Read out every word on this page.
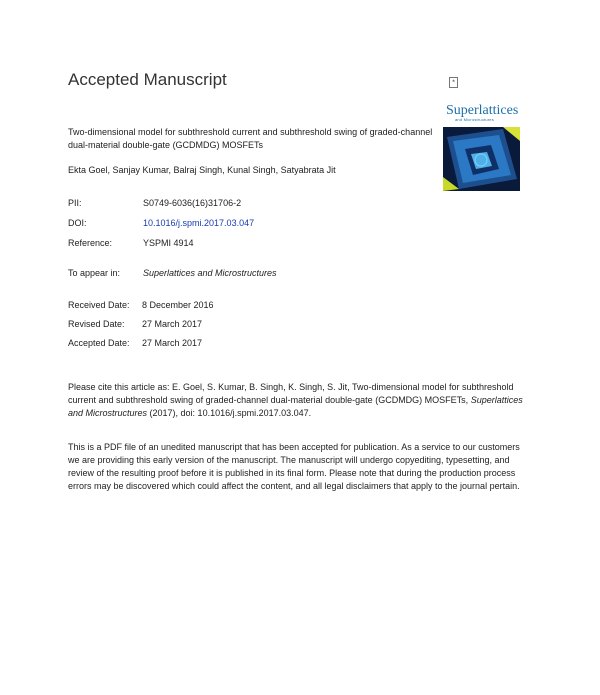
Accepted Manuscript	♣
Superlattices
and Microstructures
Two-dimensional model for subthreshold current and subthreshold swing of graded-channel dual-material double-gate (GCDMDG) MOSFETs
Ekta Goel, Sanjay Kumar, Balraj Singh, Kunal Singh, Satyabrata Jit
PII:	S0749-6036(16)31706-2
DOI:	10.1016/j.spmi.2017.03.047
Reference:	YSPMI 4914
To appear in:	Superlattices and Microstructures
Received Date: 8 December 2016
Revised Date: 27 March 2017
Accepted Date: 27 March 2017
Please cite this article as: E. Goel, S. Kumar, B. Singh, K. Singh, S. Jit, Two-dimensional model for subthreshold current and subthreshold swing of graded-channel dual-material double-gate (GCDMDG) MOSFETs, Superlattices and Microstructures (2017), doi: 10.1016/j.spmi.2017.03.047.
This is a PDF file of an unedited manuscript that has been accepted for publication. As a service to our customers we are providing this early version of the manuscript. The manuscript will undergo copyediting, typesetting, and review of the resulting proof before it is published in its final form. Please note that during the production process errors may be discovered which could affect the content, and all legal disclaimers that apply to the journal pertain.
